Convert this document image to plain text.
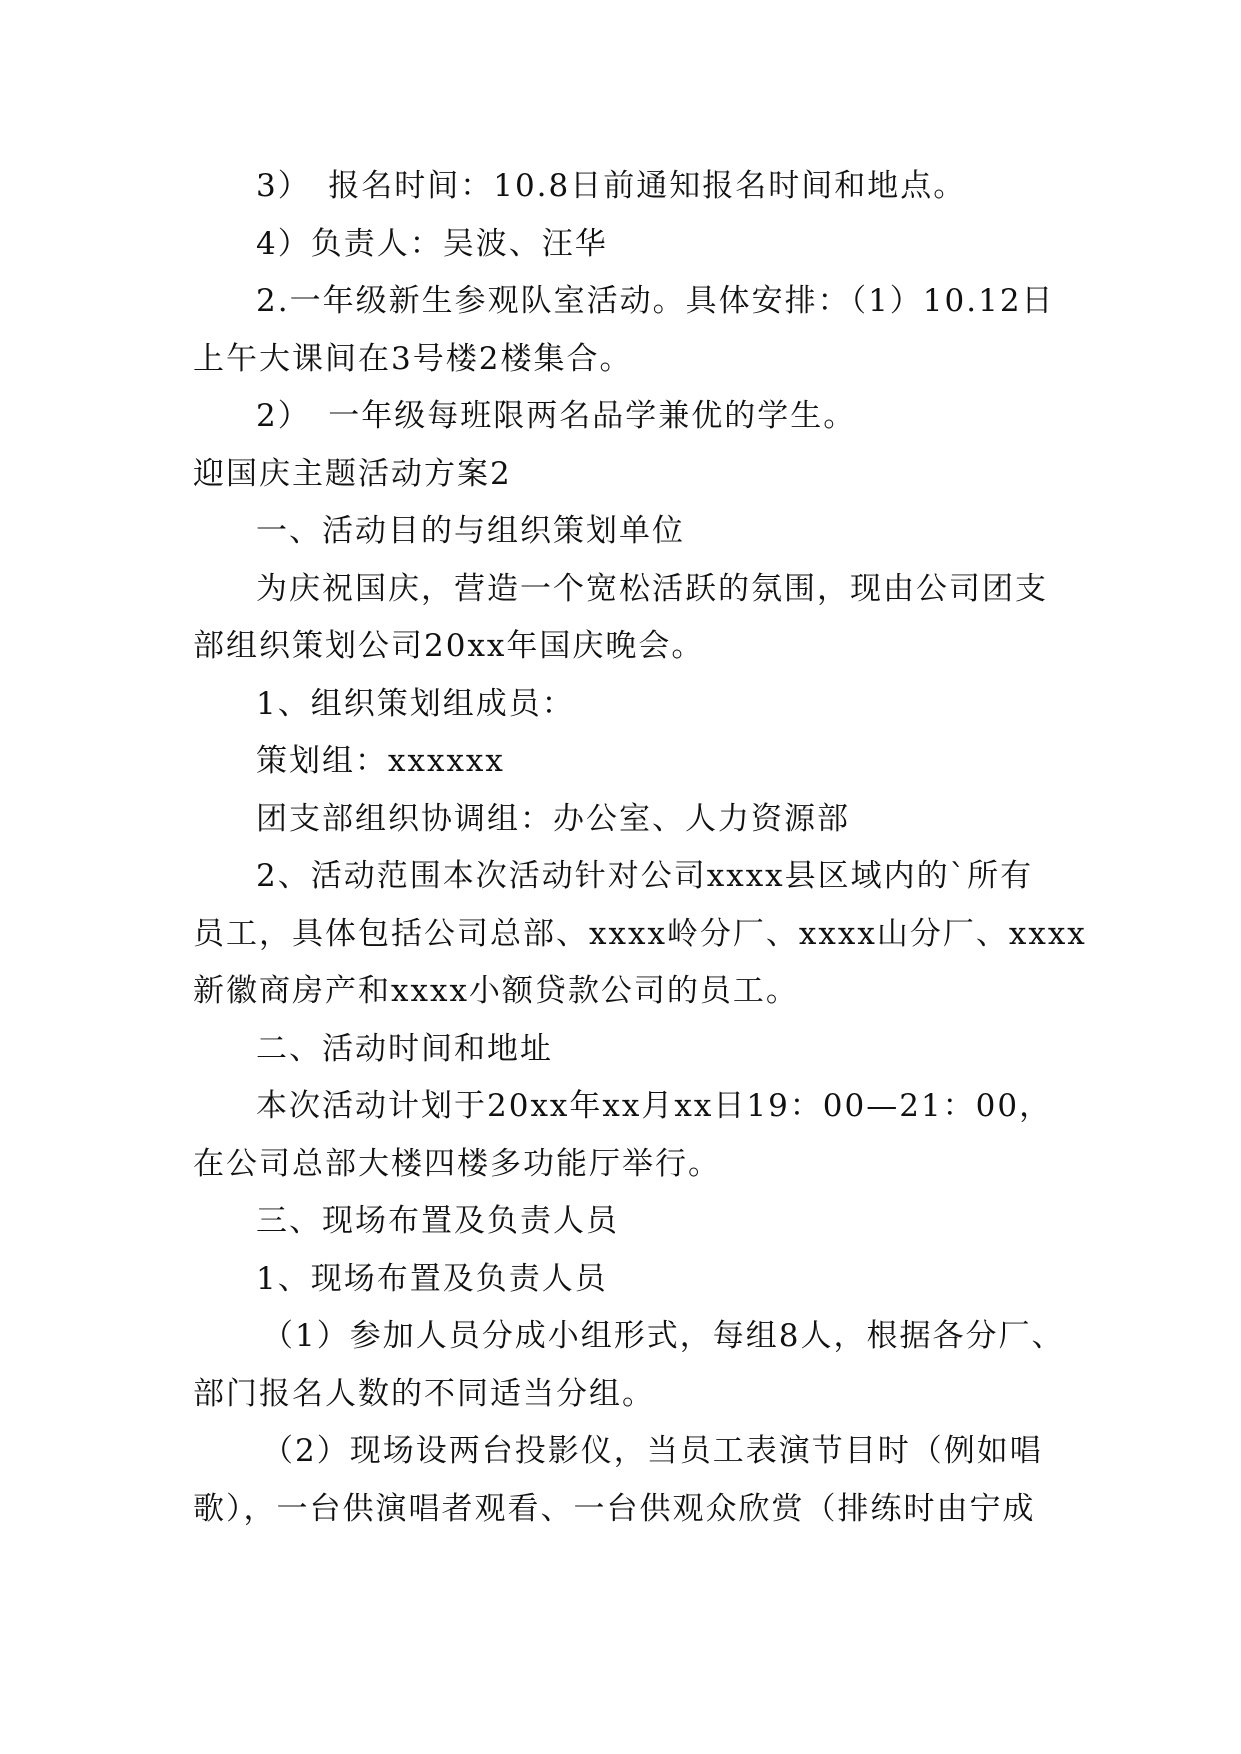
3）　报名时间：10.8日前通知报名时间和地点。
4）负责人：吴波、汪华
2.一年级新生参观队室活动。具体安排：（1）10.12日
上午大课间在3号楼2楼集合。
2）　一年级每班限两名品学兼优的学生。
迎国庆主题活动方案2
一、活动目的与组织策划单位
为庆祝国庆，营造一个宽松活跃的氛围，现由公司团支
部组织策划公司20xx年国庆晚会。
1、组织策划组成员：
策划组：xxxxxx
团支部组织协调组：办公室、人力资源部
2、活动范围本次活动针对公司xxxx县区域内的`所有
员工，具体包括公司总部、xxxx岭分厂、xxxx山分厂、xxxx
新徽商房产和xxxx小额贷款公司的员工。
二、活动时间和地址
本次活动计划于20xx年xx月xx日19：00—21：00，
在公司总部大楼四楼多功能厅举行。
三、现场布置及负责人员
1、现场布置及负责人员
（1）参加人员分成小组形式，每组8人，根据各分厂、
部门报名人数的不同适当分组。
（2）现场设两台投影仪，当员工表演节目时（例如唱
歌），一台供演唱者观看、一台供观众欣赏（排练时由宁成
